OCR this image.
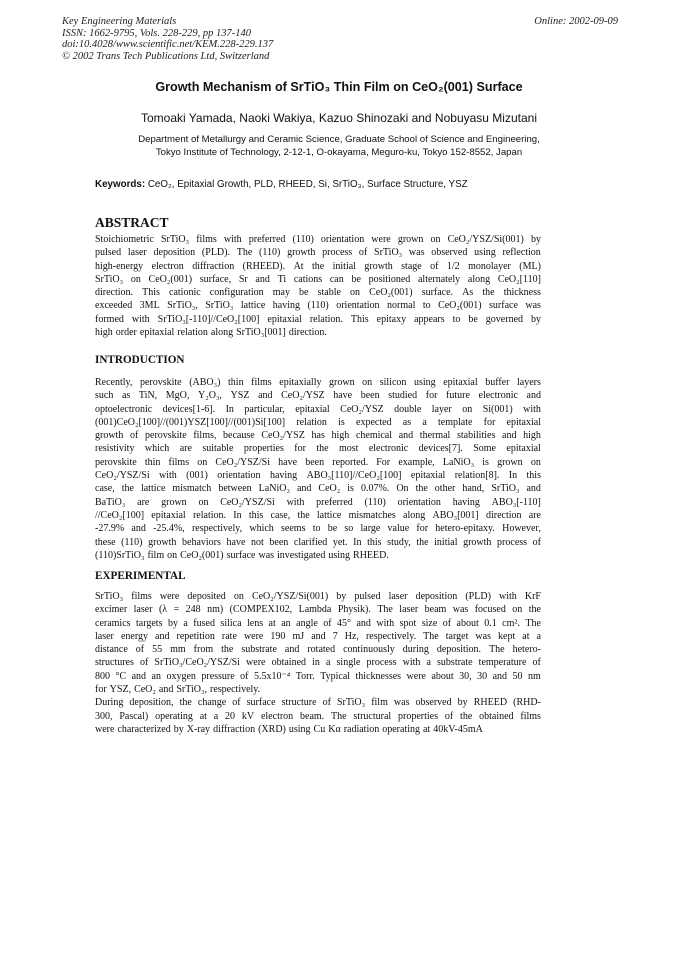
Key Engineering Materials
ISSN: 1662-9795, Vols. 228-229, pp 137-140
doi:10.4028/www.scientific.net/KEM.228-229.137
© 2002 Trans Tech Publications Ltd, Switzerland
Online: 2002-09-09
Growth Mechanism of SrTiO₃ Thin Film on CeO₂(001) Surface
Tomoaki Yamada, Naoki Wakiya, Kazuo Shinozaki and Nobuyasu Mizutani
Department of Metallurgy and Ceramic Science, Graduate School of Science and Engineering,
Tokyo Institute of Technology, 2-12-1, O-okayama, Meguro-ku, Tokyo 152-8552, Japan
Keywords: CeO₂, Epitaxial Growth, PLD, RHEED, Si, SrTiO₃, Surface Structure, YSZ
ABSTRACT
Stoichiometric SrTiO₃ films with preferred (110) orientation were grown on CeO₂/YSZ/Si(001) by
pulsed laser deposition (PLD). The (110) growth process of SrTiO₃ was observed using reflection
high-energy electron diffraction (RHEED). At the initial growth stage of 1/2 monolayer (ML)
SrTiO₃ on CeO₂(001) surface, Sr and Ti cations can be positioned alternately along CeO₂[110]
direction. This cationic configuration may be stable on CeO₂(001) surface. As the thickness
exceeded 3ML SrTiO₃, SrTiO₃ lattice having (110) orientation normal to CeO₂(001) surface was
formed with SrTiO₃[-110]//CeO₂[100] epitaxial relation. This epitaxy appears to be governed by
high order epitaxial relation along SrTiO₃[001] direction.
INTRODUCTION
Recently, perovskite (ABO₃) thin films epitaxially grown on silicon using epitaxial buffer layers
such as TiN, MgO, Y₂O₃, YSZ and CeO₂/YSZ have been studied for future electronic and
optoelectronic devices[1-6]. In particular, epitaxial CeO₂/YSZ double layer on Si(001) with
(001)CeO₂[100]//(001)YSZ[100]//(001)Si[100] relation is expected as a template for epitaxial
growth of perovskite films, because CeO₂/YSZ has high chemical and thermal stabilities and high
resistivity which are suitable properties for the most electronic devices[7]. Some epitaxial
perovskite thin films on CeO₂/YSZ/Si have been reported. For example, LaNiO₃ is grown on
CeO₂/YSZ/Si with (001) orientation having ABO₃[110]//CeO₂[100] epitaxial relation[8]. In this
case, the lattice mismatch between LaNiO₃ and CeO₂ is 0.07%. On the other hand, SrTiO₃ and
BaTiO₃ are grown on CeO₂/YSZ/Si with preferred (110) orientation having ABO₃[-110]
//CeO₂[100] epitaxial relation. In this case, the lattice mismatches along ABO₃[001] direction are
-27.9% and -25.4%, respectively, which seems to be so large value for hetero-epitaxy. However,
these (110) growth behaviors have not been clarified yet. In this study, the initial growth process of
(110)SrTiO₃ film on CeO₂(001) surface was investigated using RHEED.
EXPERIMENTAL
SrTiO₃ films were deposited on CeO₂/YSZ/Si(001) by pulsed laser deposition (PLD) with KrF
excimer laser (λ = 248 nm) (COMPEX102, Lambda Physik). The laser beam was focused on the
ceramics targets by a fused silica lens at an angle of 45° and with spot size of about 0.1 cm². The
laser energy and repetition rate were 190 mJ and 7 Hz, respectively. The target was kept at a
distance of 55 mm from the substrate and rotated continuously during deposition. The hetero-
structures of SrTiO₃/CeO₂/YSZ/Si were obtained in a single process with a substrate temperature of
800 °C and an oxygen pressure of 5.5x10⁻⁴ Torr. Typical thicknesses were about 30, 30 and 50 nm
for YSZ, CeO₂ and SrTiO₃, respectively.
During deposition, the change of surface structure of SrTiO₃ film was observed by RHEED (RHD-
300, Pascal) operating at a 20 kV electron beam. The structural properties of the obtained films
were characterized by X-ray diffraction (XRD) using Cu Kα radiation operating at 40kV-45mA
